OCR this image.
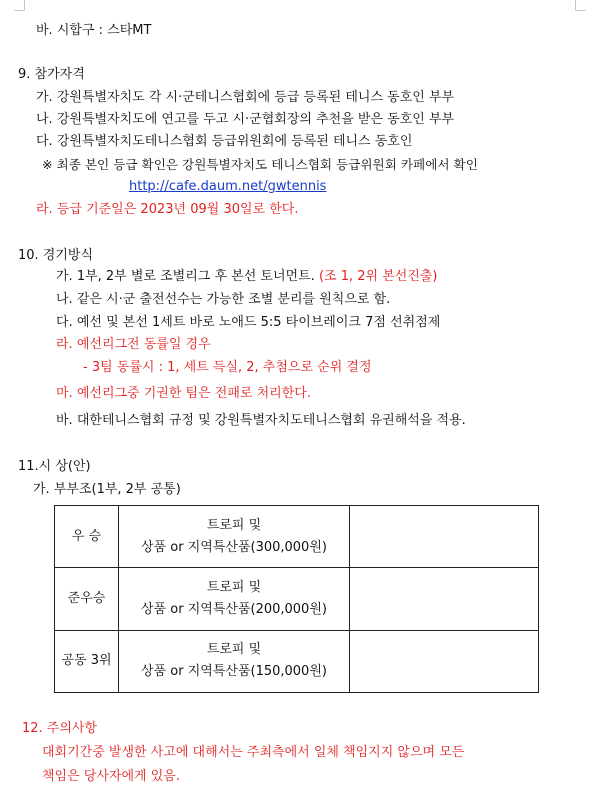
바. 시합구 : 스타MT
9. 참가자격
가. 강원특별자치도 각 시·군테니스협회에 등급 등록된 테니스 동호인 부부
나. 강원특별자치도에 연고를 두고 시·군협회장의 추천을 받은 동호인 부부
다. 강원특별자치도테니스협회 등급위원회에 등록된 테니스 동호인
※ 최종 본인 등급 확인은 강원특별자치도 테니스협회 등급위원회 카페에서 확인
http://cafe.daum.net/gwtennis
라. 등급 기준일은 2023년 09월 30일로 한다.
10. 경기방식
가. 1부, 2부 별로 조별리그 후 본선 토너먼트. (조 1, 2위 본선진출)
나. 같은 시·군 출전선수는 가능한 조별 분리를 원칙으로 함.
다. 예선 및 본선 1세트 바로 노애드 5:5 타이브레이크 7점 선취점제
라. 예선리그전 동률일 경우
- 3팀 동률시 : 1, 세트 득실, 2, 추첨으로 순위 결정
마. 예선리그중 기권한 팀은 전패로 처리한다.
바. 대한테니스협회 규정 및 강원특별자치도테니스협회 유권해석을 적용.
11.시 상(안)
가. 부부조(1부, 2부 공통)
우 승	트로피 및
상품 or 지역특산품(300,000원)	

준우승	트로피 및
상품 or 지역특산품(200,000원)	

공동 3위	트로피 및
상품 or 지역특산품(150,000원)	

12. 주의사항
대회기간중 발생한 사고에 대해서는 주최측에서 일체 책임지지 않으며 모든
책임은 당사자에게 있음.
